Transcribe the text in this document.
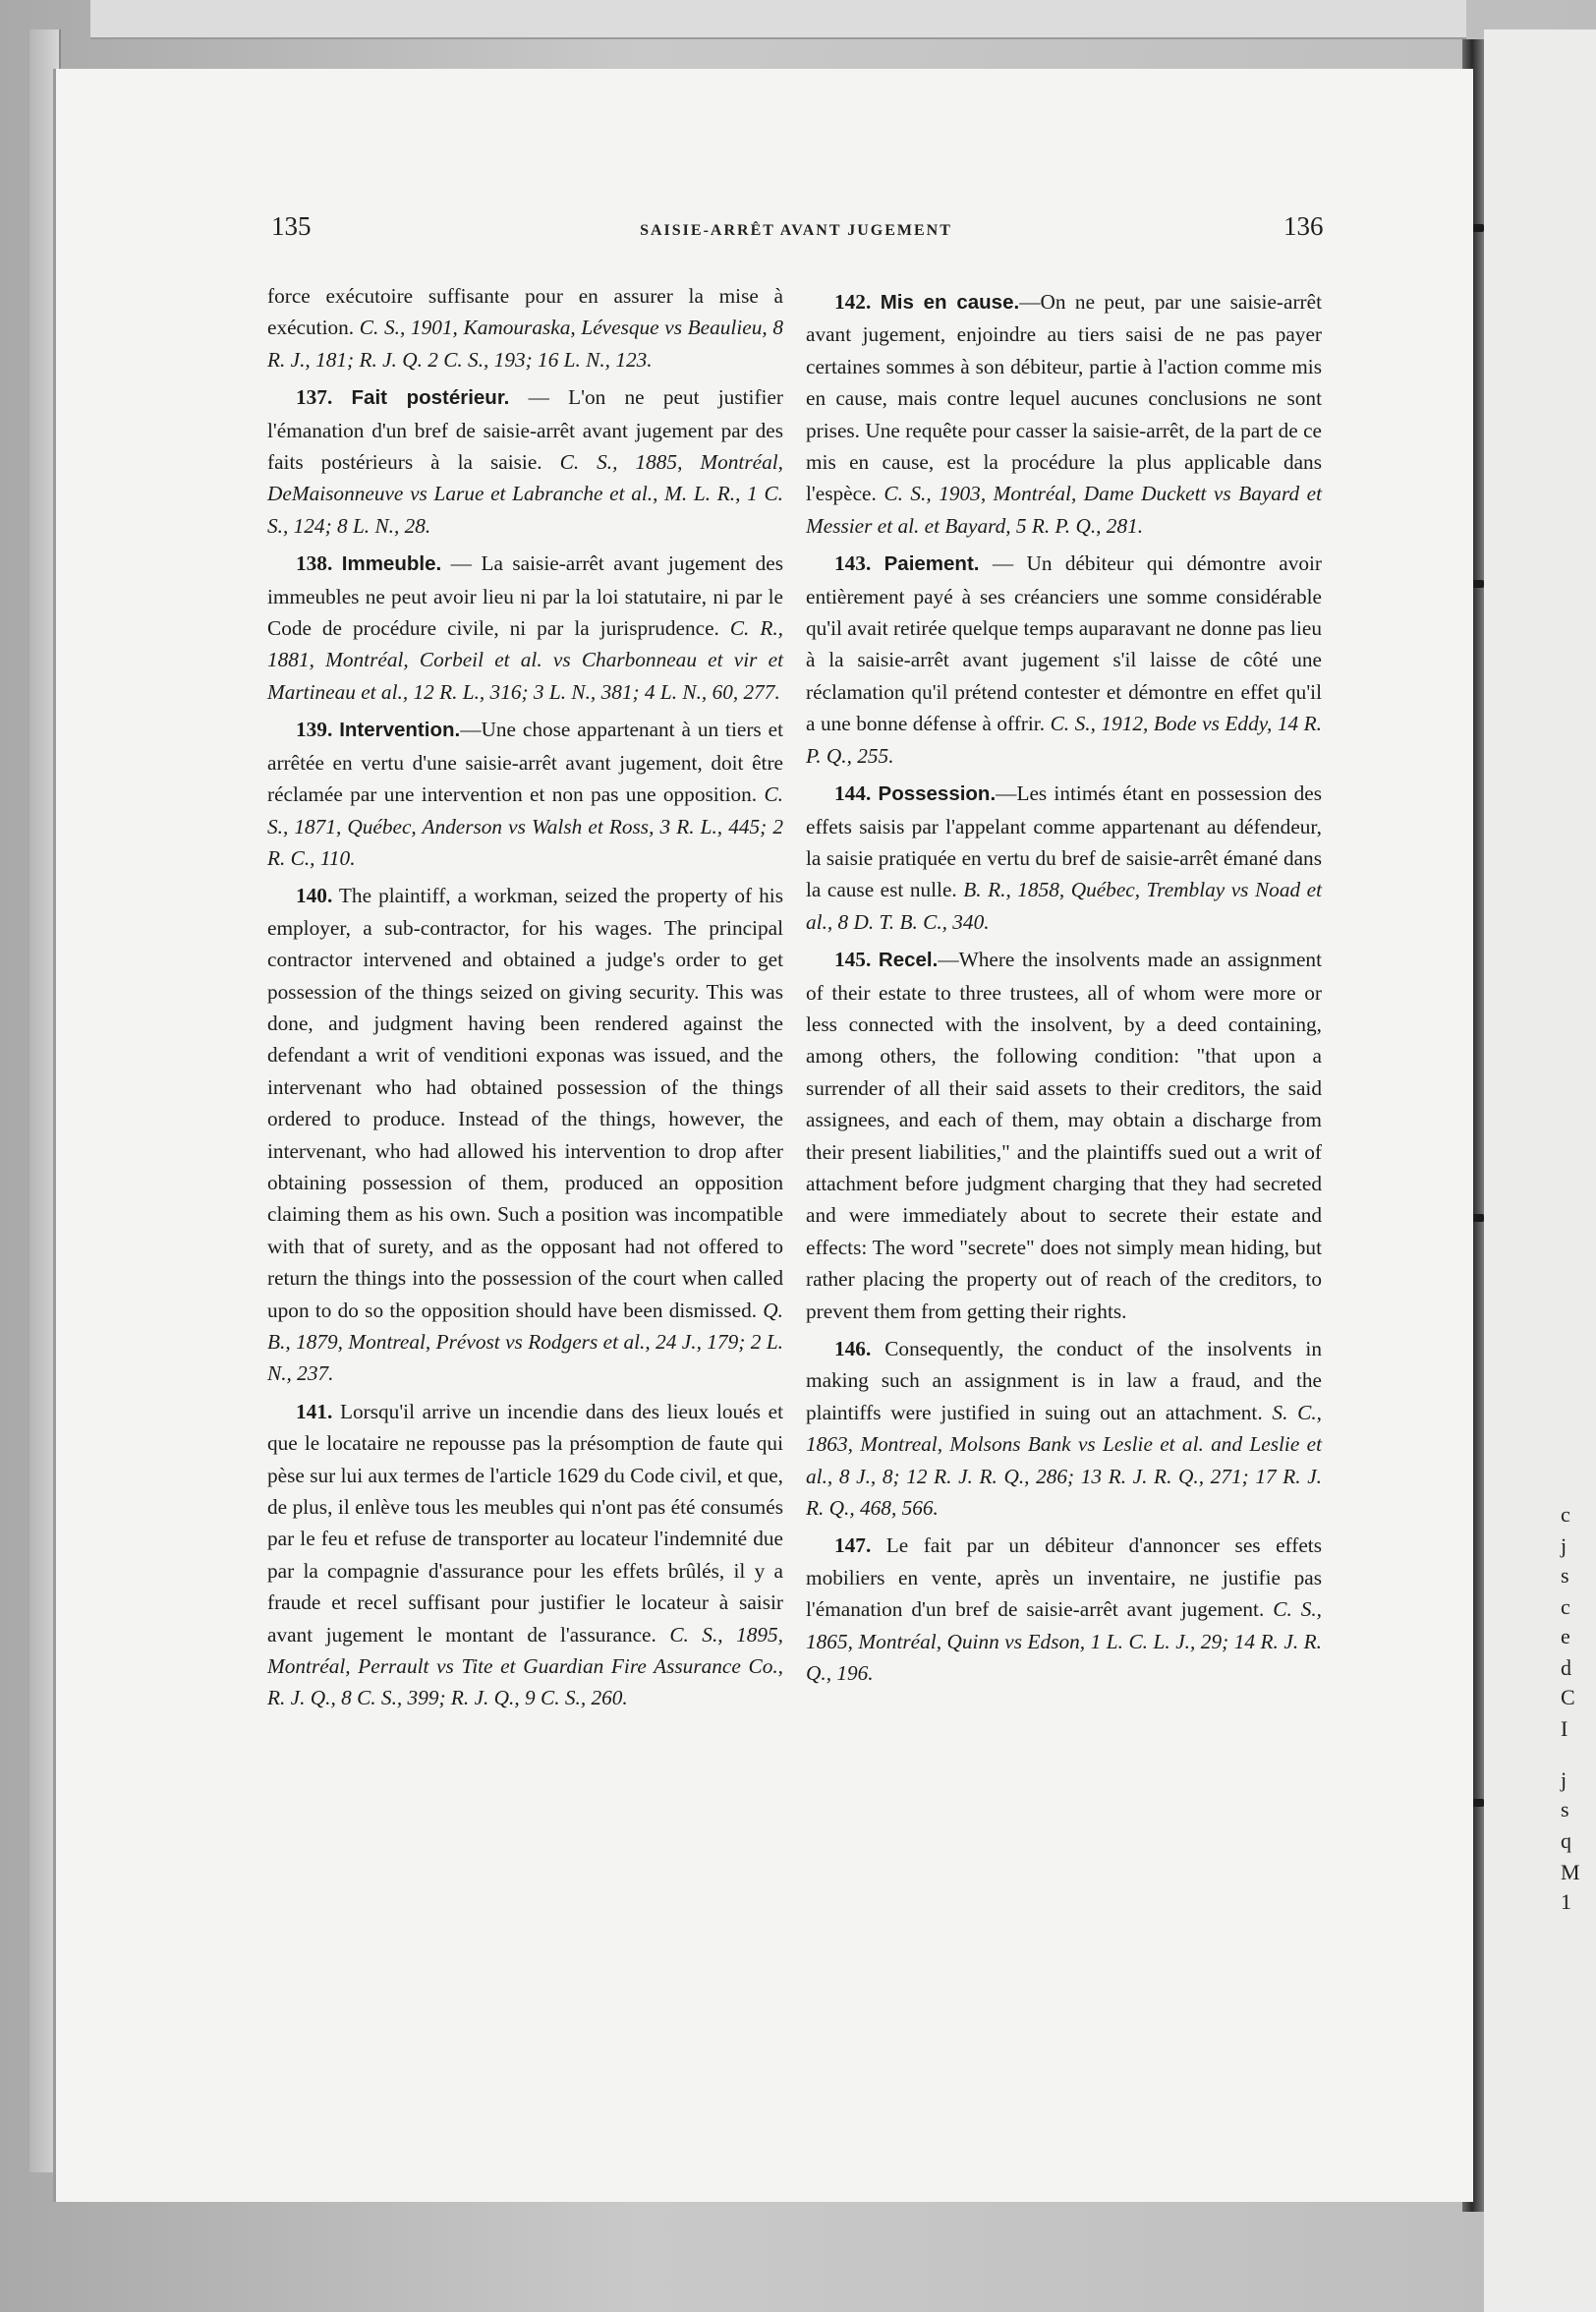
c
j
s
c
e
d
C
I
j
s
q
M
1
135	SAISIE-ARRÊT AVANT JUGEMENT	136

force exécutoire suffisante pour en assurer la mise à exécution. C. S., 1901, Kamouraska, Lévesque vs Beaulieu, 8 R. J., 181; R. J. Q. 2 C. S., 193; 16 L. N., 123.

137. Fait postérieur. — L'on ne peut justifier l'émanation d'un bref de saisie-arrêt avant jugement par des faits postérieurs à la saisie. C. S., 1885, Montréal, DeMaisonneuve vs Larue et Labranche et al., M. L. R., 1 C. S., 124; 8 L. N., 28.

138. Immeuble. — La saisie-arrêt avant jugement des immeubles ne peut avoir lieu ni par la loi statutaire, ni par le Code de procédure civile, ni par la jurisprudence. C. R., 1881, Montréal, Corbeil et al. vs Charbonneau et vir et Martineau et al., 12 R. L., 316; 3 L. N., 381; 4 L. N., 60, 277.

139. Intervention.—Une chose appartenant à un tiers et arrêtée en vertu d'une saisie-arrêt avant jugement, doit être réclamée par une intervention et non pas une opposition. C. S., 1871, Québec, Anderson vs Walsh et Ross, 3 R. L., 445; 2 R. C., 110.

140. The plaintiff, a workman, seized the property of his employer, a sub-contractor, for his wages. The principal contractor intervened and obtained a judge's order to get possession of the things seized on giving security. This was done, and judgment having been rendered against the defendant a writ of venditioni exponas was issued, and the intervenant who had obtained possession of the things ordered to produce. Instead of the things, however, the intervenant, who had allowed his intervention to drop after obtaining possession of them, produced an opposition claiming them as his own. Such a position was incompatible with that of surety, and as the opposant had not offered to return the things into the possession of the court when called upon to do so the opposition should have been dismissed. Q. B., 1879, Montreal, Prévost vs Rodgers et al., 24 J., 179; 2 L. N., 237.

141. Lorsqu'il arrive un incendie dans des lieux loués et que le locataire ne repousse pas la présomption de faute qui pèse sur lui aux termes de l'article 1629 du Code civil, et que, de plus, il enlève tous les meubles qui n'ont pas été consumés par le feu et refuse de transporter au locateur l'indemnité due par la compagnie d'assurance pour les effets brûlés, il y a fraude et recel suffisant pour justifier le locateur à saisir avant jugement le montant de l'assurance. C. S., 1895, Montréal, Perrault vs Tite et Guardian Fire Assurance Co., R. J. Q., 8 C. S., 399; R. J. Q., 9 C. S., 260.

142. Mis en cause.—On ne peut, par une saisie-arrêt avant jugement, enjoindre au tiers saisi de ne pas payer certaines sommes à son débiteur, partie à l'action comme mis en cause, mais contre lequel aucunes conclusions ne sont prises. Une requête pour casser la saisie-arrêt, de la part de ce mis en cause, est la procédure la plus applicable dans l'espèce. C. S., 1903, Montréal, Dame Duckett vs Bayard et Messier et al. et Bayard, 5 R. P. Q., 281.

143. Paiement. — Un débiteur qui démontre avoir entièrement payé à ses créanciers une somme considérable qu'il avait retirée quelque temps auparavant ne donne pas lieu à la saisie-arrêt avant jugement s'il laisse de côté une réclamation qu'il prétend contester et démontre en effet qu'il a une bonne défense à offrir. C. S., 1912, Bode vs Eddy, 14 R. P. Q., 255.

144. Possession.—Les intimés étant en possession des effets saisis par l'appelant comme appartenant au défendeur, la saisie pratiquée en vertu du bref de saisie-arrêt émané dans la cause est nulle. B. R., 1858, Québec, Tremblay vs Noad et al., 8 D. T. B. C., 340.

145. Recel.—Where the insolvents made an assignment of their estate to three trustees, all of whom were more or less connected with the insolvent, by a deed containing, among others, the following condition: "that upon a surrender of all their said assets to their creditors, the said assignees, and each of them, may obtain a discharge from their present liabilities," and the plaintiffs sued out a writ of attachment before judgment charging that they had secreted and were immediately about to secrete their estate and effects: The word "secrete" does not simply mean hiding, but rather placing the property out of reach of the creditors, to prevent them from getting their rights.

146. Consequently, the conduct of the insolvents in making such an assignment is in law a fraud, and the plaintiffs were justified in suing out an attachment. S. C., 1863, Montreal, Molsons Bank vs Leslie et al. and Leslie et al., 8 J., 8; 12 R. J. R. Q., 286; 13 R. J. R. Q., 271; 17 R. J. R. Q., 468, 566.

147. Le fait par un débiteur d'annoncer ses effets mobiliers en vente, après un inventaire, ne justifie pas l'émanation d'un bref de saisie-arrêt avant jugement. C. S., 1865, Montréal, Quinn vs Edson, 1 L. C. L. J., 29; 14 R. J. R. Q., 196.
